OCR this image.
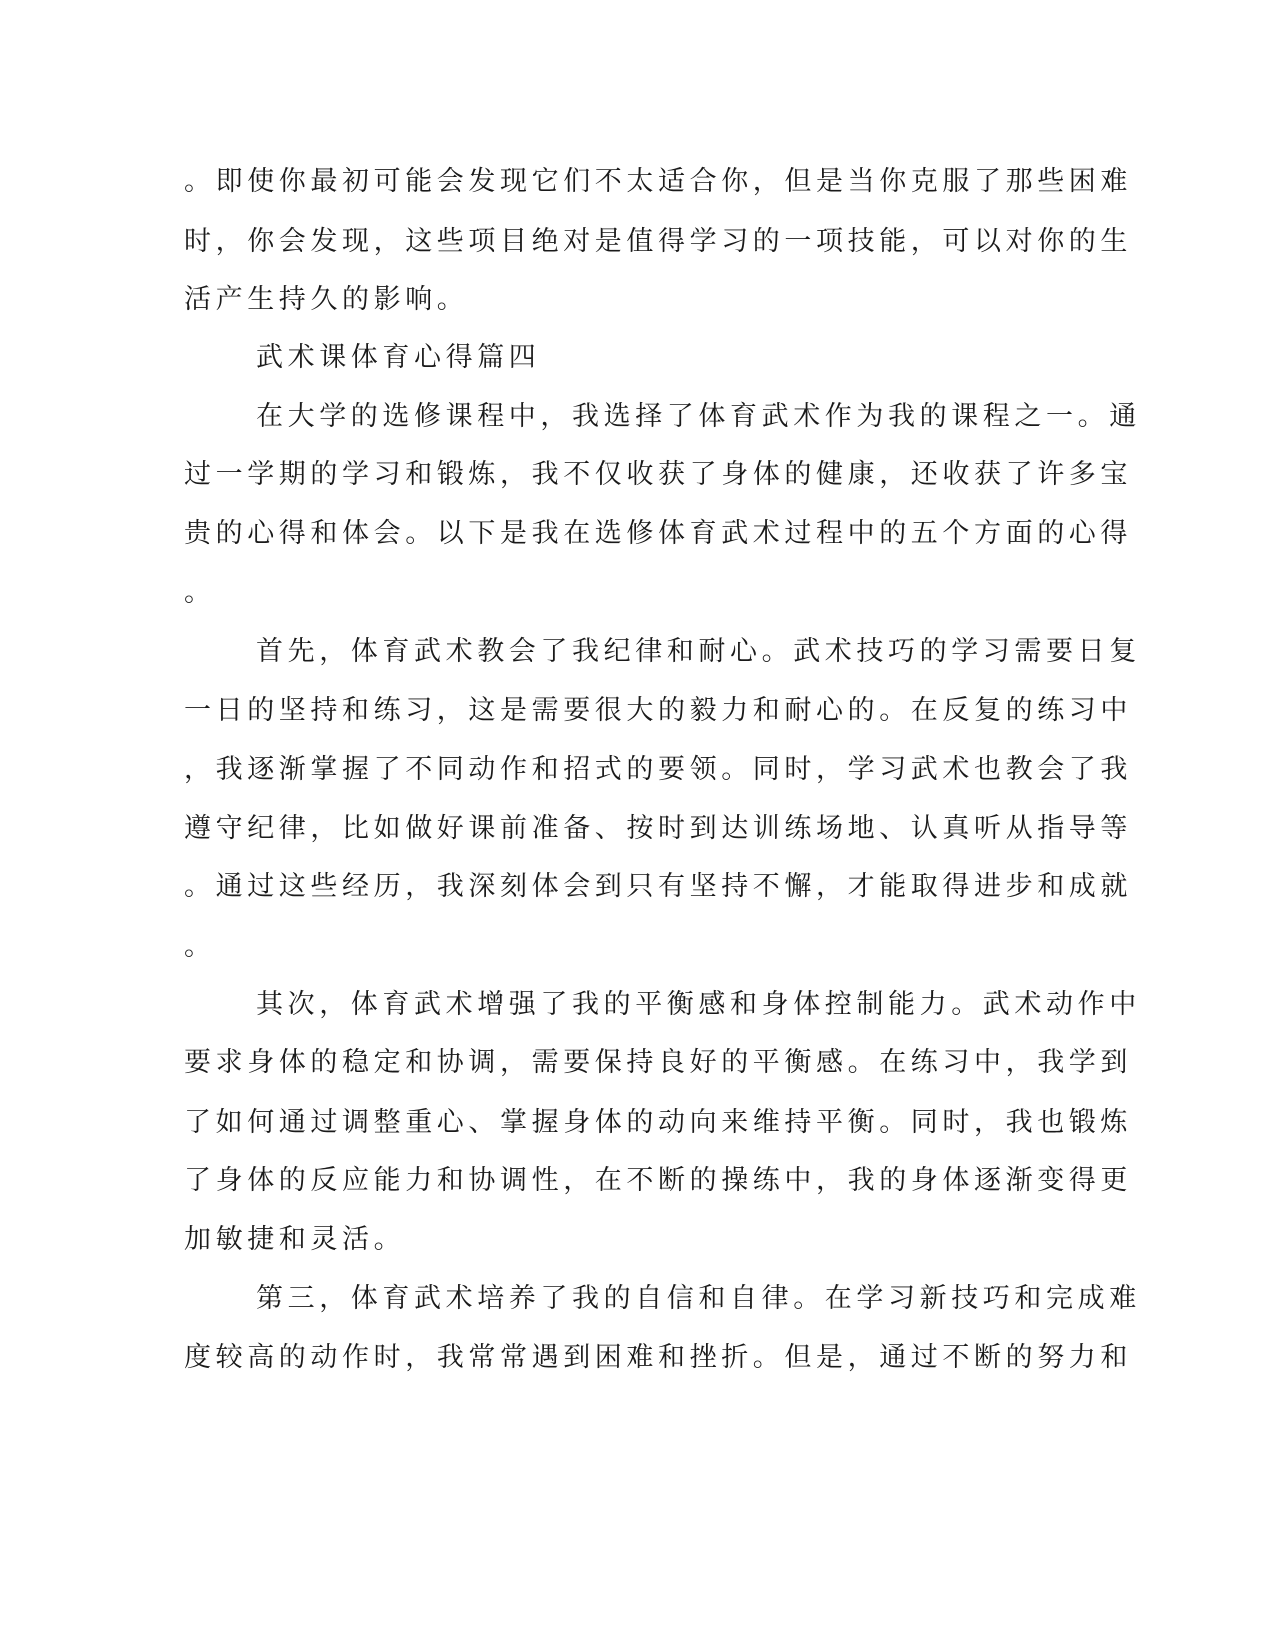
。即使你最初可能会发现它们不太适合你，但是当你克服了那些困难
时，你会发现，这些项目绝对是值得学习的一项技能，可以对你的生
活产生持久的影响。
武术课体育心得篇四
在大学的选修课程中，我选择了体育武术作为我的课程之一。通
过一学期的学习和锻炼，我不仅收获了身体的健康，还收获了许多宝
贵的心得和体会。以下是我在选修体育武术过程中的五个方面的心得
。
首先，体育武术教会了我纪律和耐心。武术技巧的学习需要日复
一日的坚持和练习，这是需要很大的毅力和耐心的。在反复的练习中
，我逐渐掌握了不同动作和招式的要领。同时，学习武术也教会了我
遵守纪律，比如做好课前准备、按时到达训练场地、认真听从指导等
。通过这些经历，我深刻体会到只有坚持不懈，才能取得进步和成就
。
其次，体育武术增强了我的平衡感和身体控制能力。武术动作中
要求身体的稳定和协调，需要保持良好的平衡感。在练习中，我学到
了如何通过调整重心、掌握身体的动向来维持平衡。同时，我也锻炼
了身体的反应能力和协调性，在不断的操练中，我的身体逐渐变得更
加敏捷和灵活。
第三，体育武术培养了我的自信和自律。在学习新技巧和完成难
度较高的动作时，我常常遇到困难和挫折。但是，通过不断的努力和
